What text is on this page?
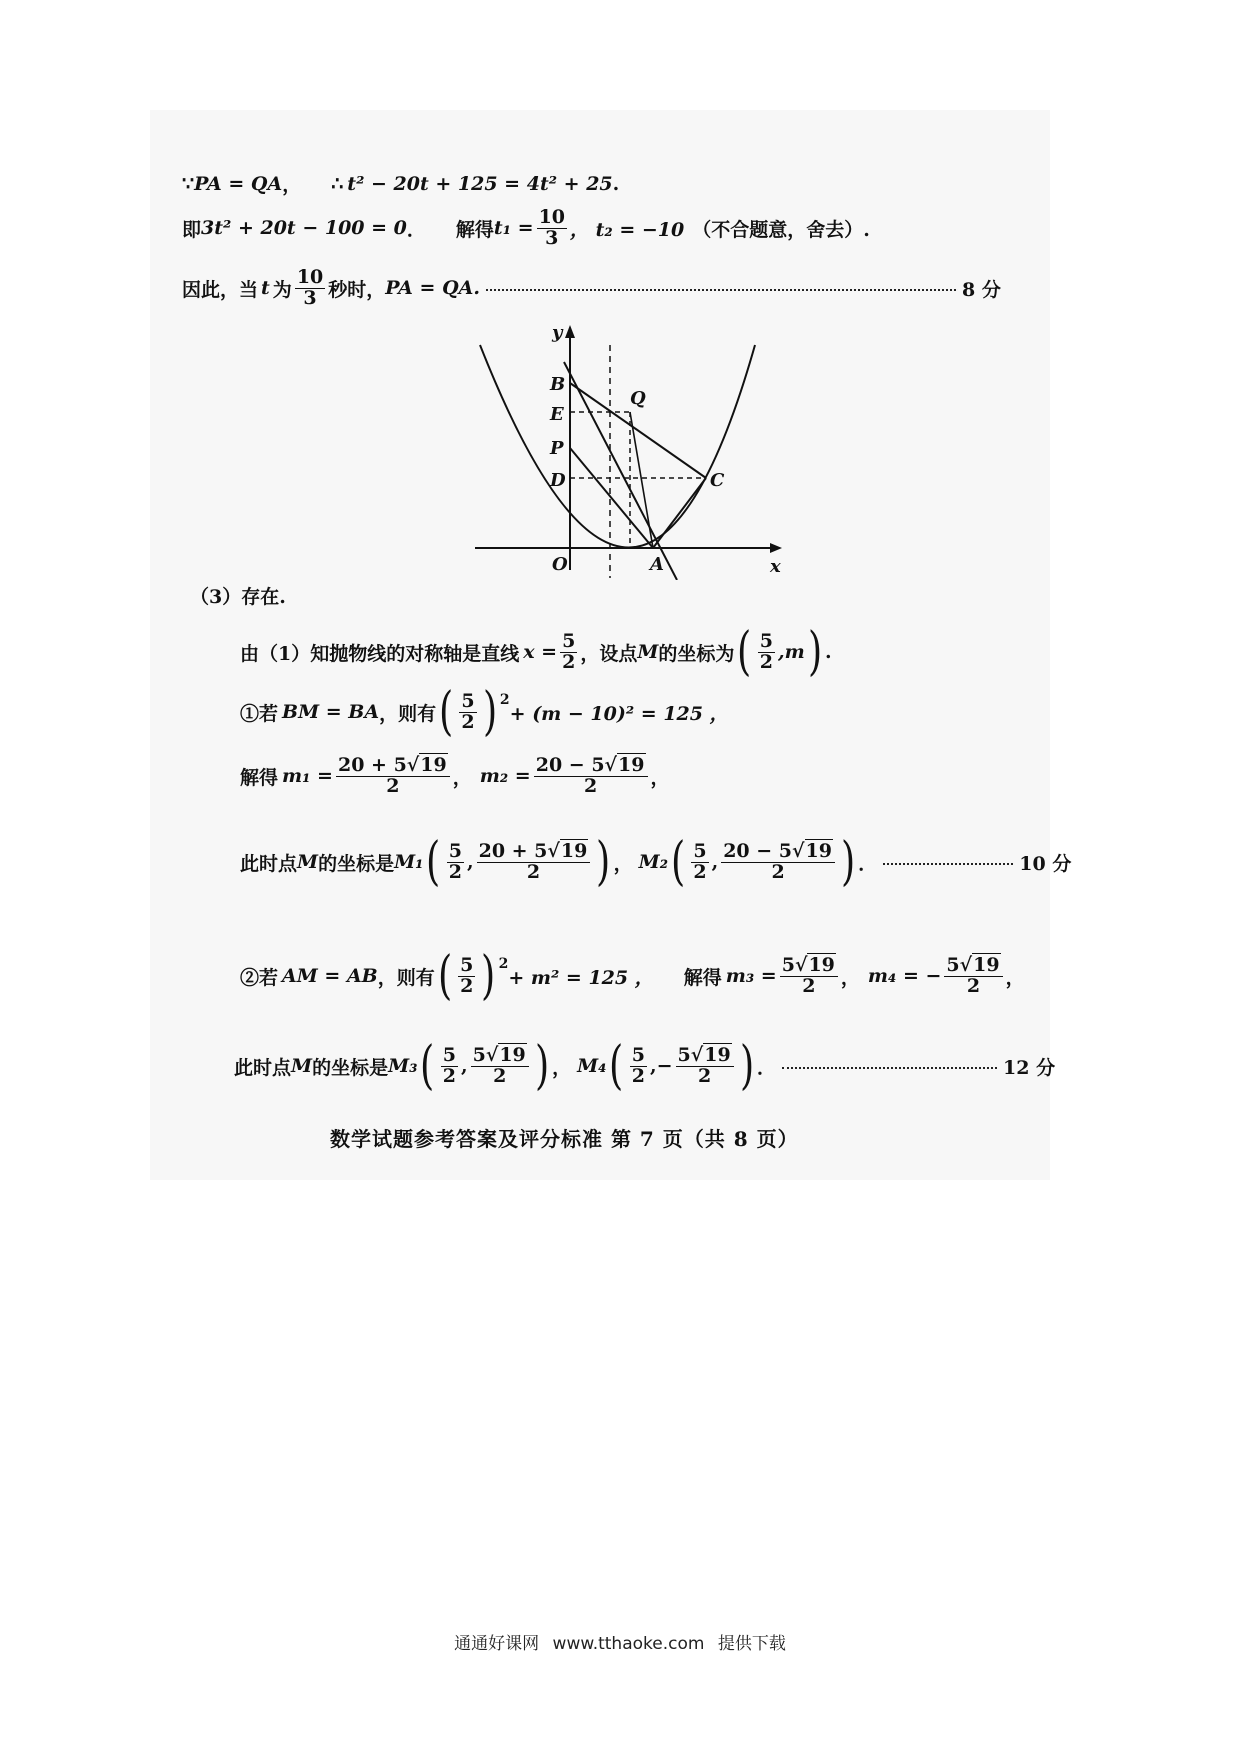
∵ PA = QA ， ∴ t² − 20t + 125 = 4t² + 25 .
即 3t² + 20t − 100 = 0 ． 解得 $t_1 = \frac{10}{3}$ ， t₂ = −10 （不合题意，舍去）.
因此，当 t 为 $\frac{10}{3}$ 秒时， PA = QA.	8 分
y
x
B
E
P
D
O	A
C
Q
（3）存在.
由（1）知抛物线的对称轴是直线 $x = \frac{5}{2}$ ，设点 M 的坐标为 ( $\frac{5}{2} ,m$ ) .
①若 BM = BA ，则有 ( $\frac{5}{2} )^2$
+ (m − 10)² = 125 ，
解得 $m_1 = \frac{20 + 5√19}{2}$ ， $m_2 = \frac{20 - 5√19}{2}$ ，
此时点 M 的坐标是 M₁ ( $\frac{5}{2}$ , $\frac{20 + 5√19}{2}$ ) ， M₂ ( $\frac{5}{2}$ , $\frac{20 - 5√19}{2}$ ) ．	10 分
②若 AM = AB ，则有 ( $\frac{5}{2} )^2$
+ m² = 125 ， 解得 $m_3 = \frac{5√19}{2}$ ， m₄ = − $\frac{5√19}{2}$ ，
此时点 M 的坐标是 M₃ ( $\frac{5}{2}$ , $\frac{5√19}{2}$ ) ， M₄ ( $\frac{5}{2}$ , − $\frac{5√19}{2}$ ) ．	12 分
数学试题参考答案及评分标准 第 7 页（共 8 页）
通通好课网 www.tthaoke.com 提供下载
